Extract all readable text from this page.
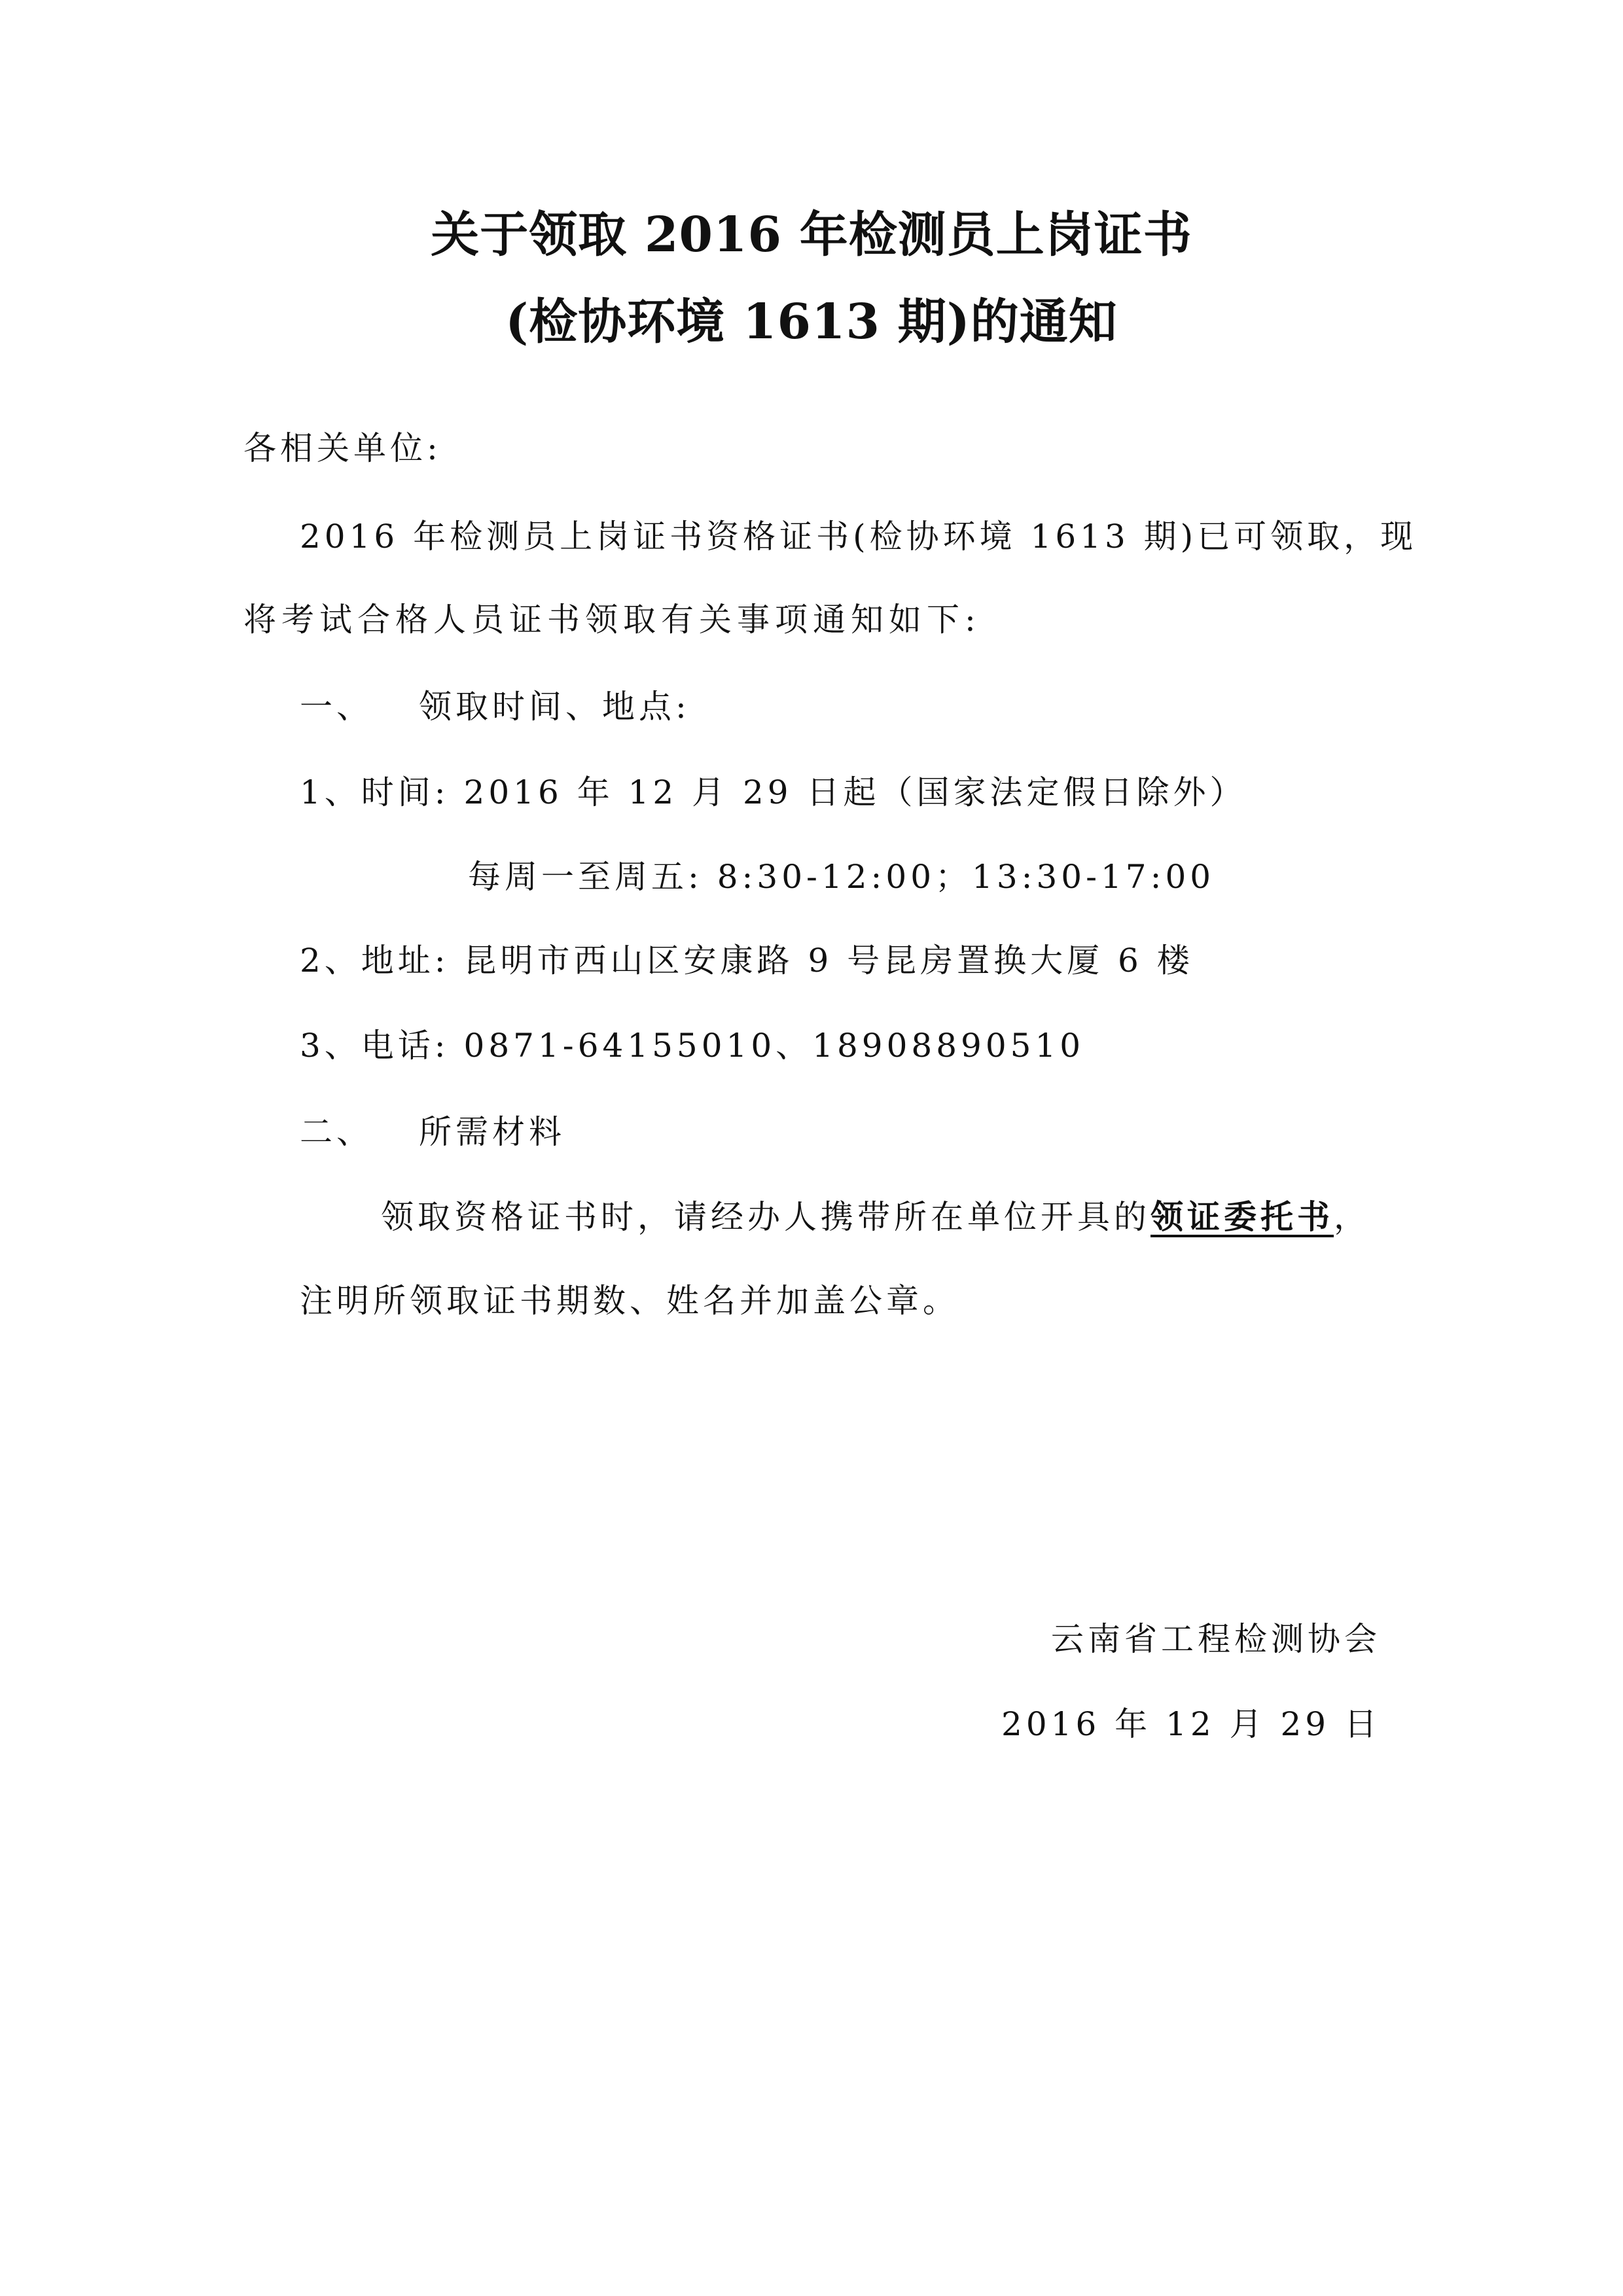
关于领取 2016 年检测员上岗证书
(检协环境 1613 期)的通知
各相关单位:
2016 年检测员上岗证书资格证书(检协环境 1613 期)已可领取，现
将考试合格人员证书领取有关事项通知如下:
一、 领取时间、地点:
1、时间: 2016 年 12 月 29 日起（国家法定假日除外）
每周一至周五: 8:30-12:00；13:30-17:00
2、地址: 昆明市西山区安康路 9 号昆房置换大厦 6 楼
3、电话: 0871-64155010、18908890510
二、 所需材料
领取资格证书时，请经办人携带所在单位开具的领证委托书，
注明所领取证书期数、姓名并加盖公章。
云南省工程检测协会
2016 年 12 月 29 日
